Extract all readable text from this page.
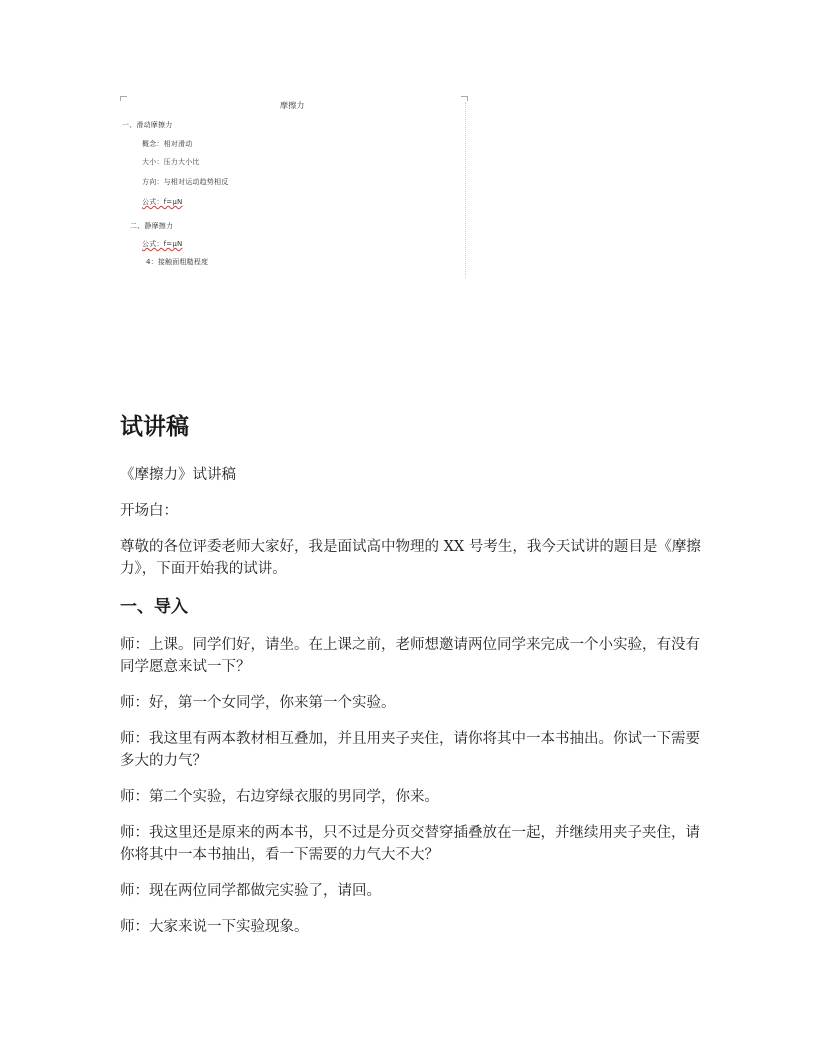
摩擦力
一、滑动摩擦力
概念：相对滑动
大小：压力大小比
方向：与相对运动趋势相反
公式：f=μN
二、静摩擦力
公式：f=μN
4：接触面粗糙程度
试讲稿

《摩擦力》试讲稿

开场白：

尊敬的各位评委老师大家好，我是面试高中物理的 XX 号考生，我今天试讲的题目是《摩擦力》，下面开始我的试讲。

一、导入

师：上课。同学们好，请坐。在上课之前，老师想邀请两位同学来完成一个小实验，有没有同学愿意来试一下？

师：好，第一个女同学，你来第一个实验。

师：我这里有两本教材相互叠加，并且用夹子夹住，请你将其中一本书抽出。你试一下需要多大的力气？

师：第二个实验，右边穿绿衣服的男同学，你来。

师：我这里还是原来的两本书，只不过是分页交替穿插叠放在一起，并继续用夹子夹住，请你将其中一本书抽出，看一下需要的力气大不大？

师：现在两位同学都做完实验了，请回。

师：大家来说一下实验现象。
